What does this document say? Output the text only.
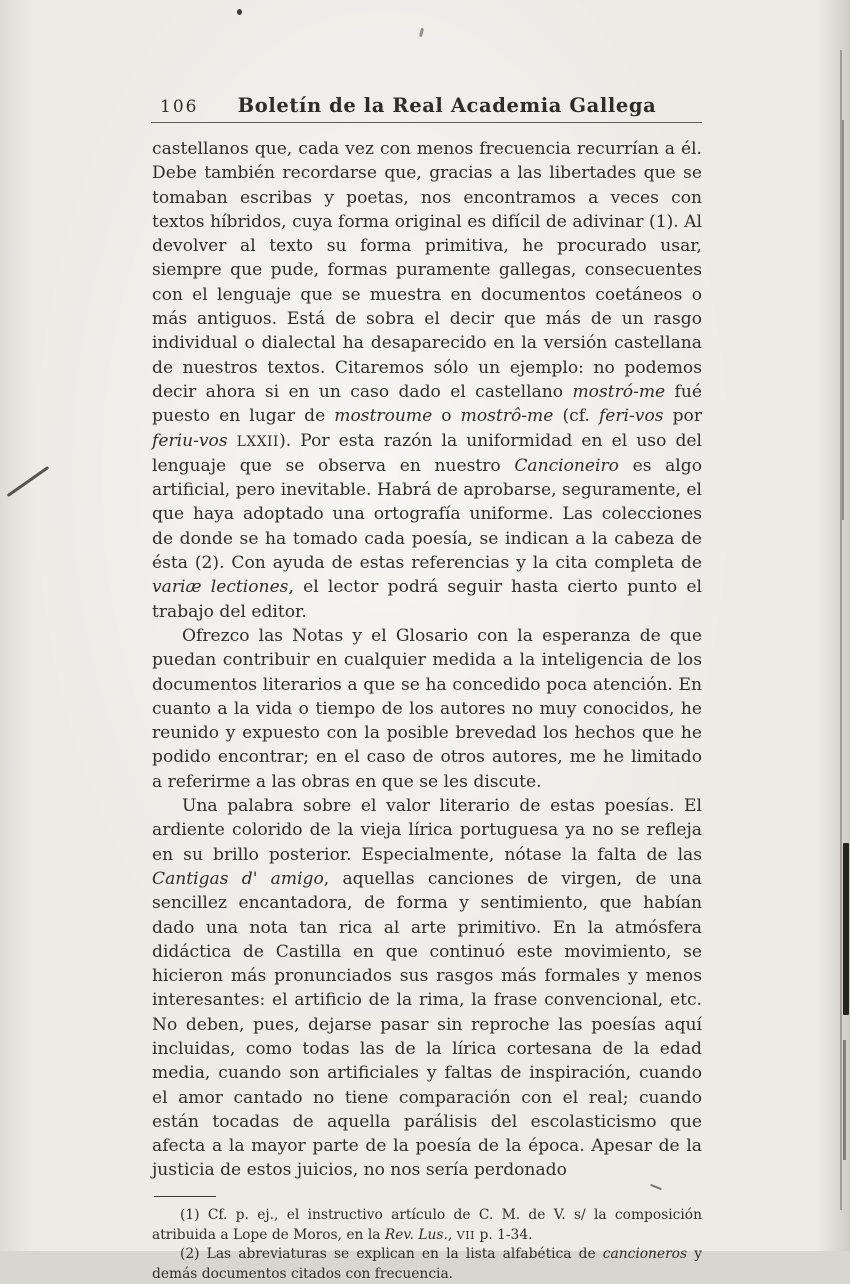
106	Boletín de la Real Academia Gallega

castellanos que, cada vez con menos frecuencia recurrían a él. Debe también recordarse que, gracias a las libertades que se tomaban escribas y poetas, nos encontramos a veces con textos híbridos, cuya forma original es difícil de adivinar (1). Al devolver al texto su forma primitiva, he procurado usar, siempre que pude, formas puramente gallegas, consecuentes con el lenguaje que se muestra en documentos coetáneos o más antiguos. Está de sobra el decir que más de un rasgo individual o dialectal ha desaparecido en la versión castellana de nuestros textos. Citaremos sólo un ejemplo: no podemos decir ahora si en un caso dado el castellano mostró-me fué puesto en lugar de mostroume o mostrô-me (cf. feri-vos por feriu-vos LXXII). Por esta razón la uniformidad en el uso del lenguaje que se observa en nuestro Cancioneiro es algo artificial, pero inevitable. Habrá de aprobarse, seguramente, el que haya adoptado una ortografía uniforme. Las colecciones de donde se ha tomado cada poesía, se indican a la cabeza de ésta (2). Con ayuda de estas referencias y la cita completa de variæ lectiones, el lector podrá seguir hasta cierto punto el trabajo del editor.

Ofrezco las Notas y el Glosario con la esperanza de que puedan contribuir en cualquier medida a la inteligencia de los documentos literarios a que se ha concedido poca atención. En cuanto a la vida o tiempo de los autores no muy conocidos, he reunido y expuesto con la posible brevedad los hechos que he podido encontrar; en el caso de otros autores, me he limitado a referirme a las obras en que se les discute.

Una palabra sobre el valor literario de estas poesías. El ardiente colorido de la vieja lírica portuguesa ya no se refleja en su brillo posterior. Especialmente, nótase la falta de las Cantigas d' amigo, aquellas canciones de virgen, de una sencillez encantadora, de forma y sentimiento, que habían dado una nota tan rica al arte primitivo. En la atmósfera didáctica de Castilla en que continuó este movimiento, se hicieron más pronunciados sus rasgos más formales y menos interesantes: el artificio de la rima, la frase convencional, etc. No deben, pues, dejarse pasar sin reproche las poesías aquí incluidas, como todas las de la lírica cortesana de la edad media, cuando son artificiales y faltas de inspiración, cuando el amor cantado no tiene comparación con el real; cuando están tocadas de aquella parálisis del escolasticismo que afecta a la mayor parte de la poesía de la época. Apesar de la justicia de estos juicios, no nos sería perdonado

(1) Cf. p. ej., el instructivo artículo de C. M. de V. s/ la composición atribuida a Lope de Moros, en la Rev. Lus., VII p. 1-34.

(2) Las abreviaturas se explican en la lista alfabética de cancioneros y demás documentos citados con frecuencia.
